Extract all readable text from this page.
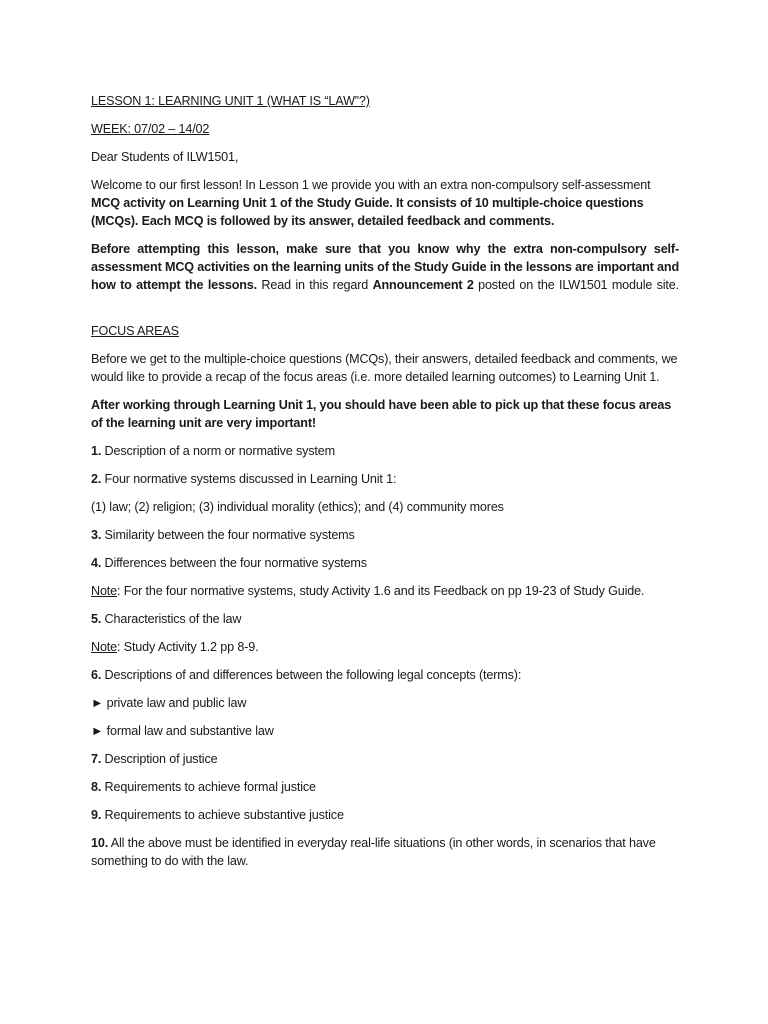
LESSON 1: LEARNING UNIT 1 (WHAT IS “LAW”?)

WEEK: 07/02 – 14/02

Dear Students of ILW1501,

Welcome to our first lesson! In Lesson 1 we provide you with an extra non-compulsory self-assessment MCQ activity on Learning Unit 1 of the Study Guide. It consists of 10 multiple-choice questions (MCQs). Each MCQ is followed by its answer, detailed feedback and comments.

Before attempting this lesson, make sure that you know why the extra non-compulsory self-assessment MCQ activities on the learning units of the Study Guide in the lessons are important and how to attempt the lessons. Read in this regard Announcement 2 posted on the ILW1501 module site.

FOCUS AREAS

Before we get to the multiple-choice questions (MCQs), their answers, detailed feedback and comments, we would like to provide a recap of the focus areas (i.e. more detailed learning outcomes) to Learning Unit 1.

After working through Learning Unit 1, you should have been able to pick up that these focus areas of the learning unit are very important!

1. Description of a norm or normative system

2. Four normative systems discussed in Learning Unit 1:

(1) law; (2) religion; (3) individual morality (ethics); and (4) community mores

3. Similarity between the four normative systems

4. Differences between the four normative systems

Note: For the four normative systems, study Activity 1.6 and its Feedback on pp 19-23 of Study Guide.

5. Characteristics of the law

Note: Study Activity 1.2 pp 8-9.

6. Descriptions of and differences between the following legal concepts (terms):

► private law and public law

► formal law and substantive law

7. Description of justice

8. Requirements to achieve formal justice

9. Requirements to achieve substantive justice

10. All the above must be identified in everyday real-life situations (in other words, in scenarios that have something to do with the law.
